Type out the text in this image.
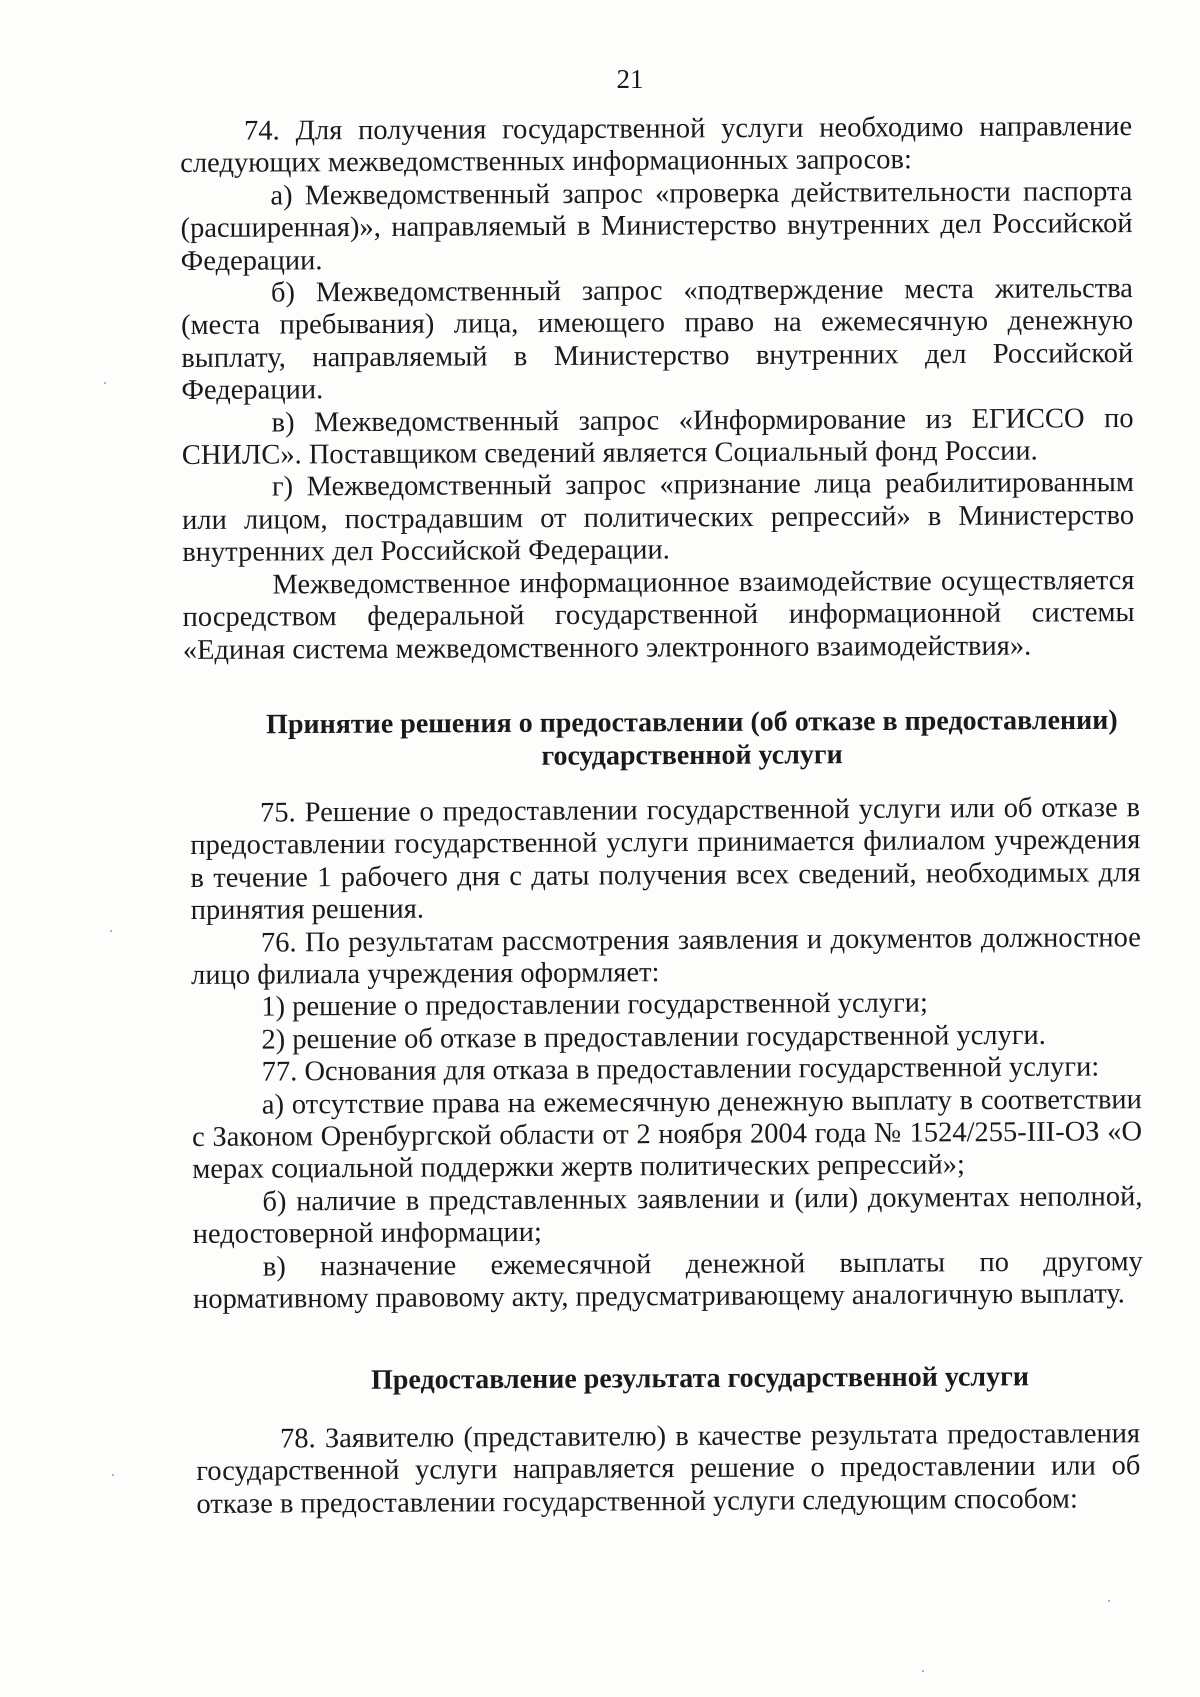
21

74. Для получения государственной услуги необходимо направление следующих межведомственных информационных запросов:

а) Межведомственный запрос «проверка действительности паспорта (расширенная)», направляемый в Министерство внутренних дел Российской Федерации.

б) Межведомственный запрос «подтверждение места жительства (места пребывания) лица, имеющего право на ежемесячную денежную выплату, направляемый в Министерство внутренних дел Российской Федерации.

в) Межведомственный запрос «Информирование из ЕГИССО по СНИЛС». Поставщиком сведений является Социальный фонд России.

г) Межведомственный запрос «признание лица реабилитированным или лицом, пострадавшим от политических репрессий» в Министерство внутренних дел Российской Федерации.

Межведомственное информационное взаимодействие осуществляется посредством федеральной государственной информационной системы «Единая система межведомственного электронного взаимодействия».

Принятие решения о предоставлении (об отказе в предоставлении)
государственной услуги

75. Решение о предоставлении государственной услуги или об отказе в предоставлении государственной услуги принимается филиалом учреждения в течение 1 рабочего дня с даты получения всех сведений, необходимых для принятия решения.

76. По результатам рассмотрения заявления и документов должностное лицо филиала учреждения оформляет:

1) решение о предоставлении государственной услуги;

2) решение об отказе в предоставлении государственной услуги.

77. Основания для отказа в предоставлении государственной услуги:

а) отсутствие права на ежемесячную денежную выплату в соответствии с Законом Оренбургской области от 2 ноября 2004 года № 1524/255-III-ОЗ «О мерах социальной поддержки жертв политических репрессий»;

б) наличие в представленных заявлении и (или) документах неполной, недостоверной информации;

в) назначение ежемесячной денежной выплаты по другому нормативному правовому акту, предусматривающему аналогичную выплату.

Предоставление результата государственной услуги

78. Заявителю (представителю) в качестве результата предоставления государственной услуги направляется решение о предоставлении или об отказе в предоставлении государственной услуги следующим способом:
